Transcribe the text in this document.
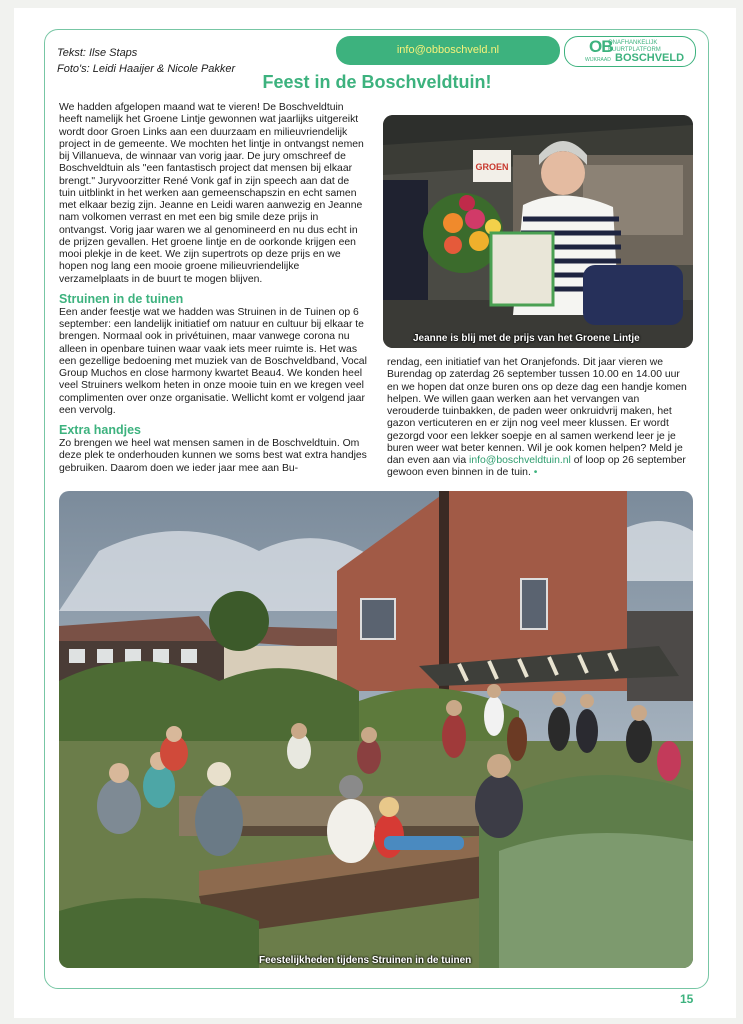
Tekst: Ilse Staps
Foto's: Leidi Haaijer & Nicole Pakker
info@obboschveld.nl	OB
ONAFHANKELIJK
BUURTPLATFORM
BOSCHVELD
WIJKRAAD
Feest in de Boschveldtuin!

We hadden afgelopen maand wat te vieren! De Boschveldtuin heeft namelijk het Groene Lintje gewonnen wat jaarlijks uitgereikt wordt door Groen Links aan een duurzaam en milieuvriendelijk project in de gemeente. We mochten het lintje in ontvangst nemen bij Villanueva, de winnaar van vorig jaar. De jury omschreef de Boschveldtuin als "een fantastisch project dat mensen bij elkaar brengt." Juryvoorzitter René Vonk gaf in zijn speech aan dat de tuin uitblinkt in het werken aan gemeenschapszin en echt samen met elkaar bezig zijn. Jeanne en Leidi waren aanwezig en Jeanne nam volkomen verrast en met een big smile deze prijs in ontvangst. Vorig jaar waren we al genomineerd en nu dus echt in de prijzen gevallen. Het groene lintje en de oorkonde krijgen een mooi plekje in de keet. We zijn supertrots op deze prijs en we hopen nog lang een mooie groene milieuvriendelijke verzamelplaats in de buurt te mogen blijven.

Struinen in de tuinen

Een ander feestje wat we hadden was Struinen in de Tuinen op 6 september: een landelijk initiatief om natuur en cultuur bij elkaar te brengen. Normaal ook in privétuinen, maar vanwege corona nu alleen in openbare tuinen waar vaak iets meer ruimte is. Het was een gezellige bedoening met muziek van de Boschveldband, Vocal Group Muchos en close harmony kwartet Beau4. We konden heel veel Struiners welkom heten in onze mooie tuin en we kregen veel complimenten over onze organisatie. Wellicht komt er volgend jaar een vervolg.

Extra handjes

Zo brengen we heel wat mensen samen in de Boschveldtuin. Om deze plek te onderhouden kunnen we soms best wat extra handjes gebruiken. Daarom doen we ieder jaar mee aan Bu-

GROEN
Jeanne is blij met de prijs van het Groene Lintje

rendag, een initiatief van het Oranjefonds. Dit jaar vieren we Burendag op zaterdag 26 september tussen 10.00 en 14.00 uur en we hopen dat onze buren ons op deze dag een handje komen helpen. We willen gaan werken aan het vervangen van verouderde tuinbakken, de paden weer onkruidvrij maken, het gazon verticuteren en er zijn nog veel meer klussen. Er wordt gezorgd voor een lekker soepje en al samen werkend leer je je buren weer wat beter kennen. Wil je ook komen helpen? Meld je dan even aan via info@boschveldtuin.nl of loop op 26 september gewoon even binnen in de tuin. •

Feestelijkheden tijdens Struinen in de tuinen
15
